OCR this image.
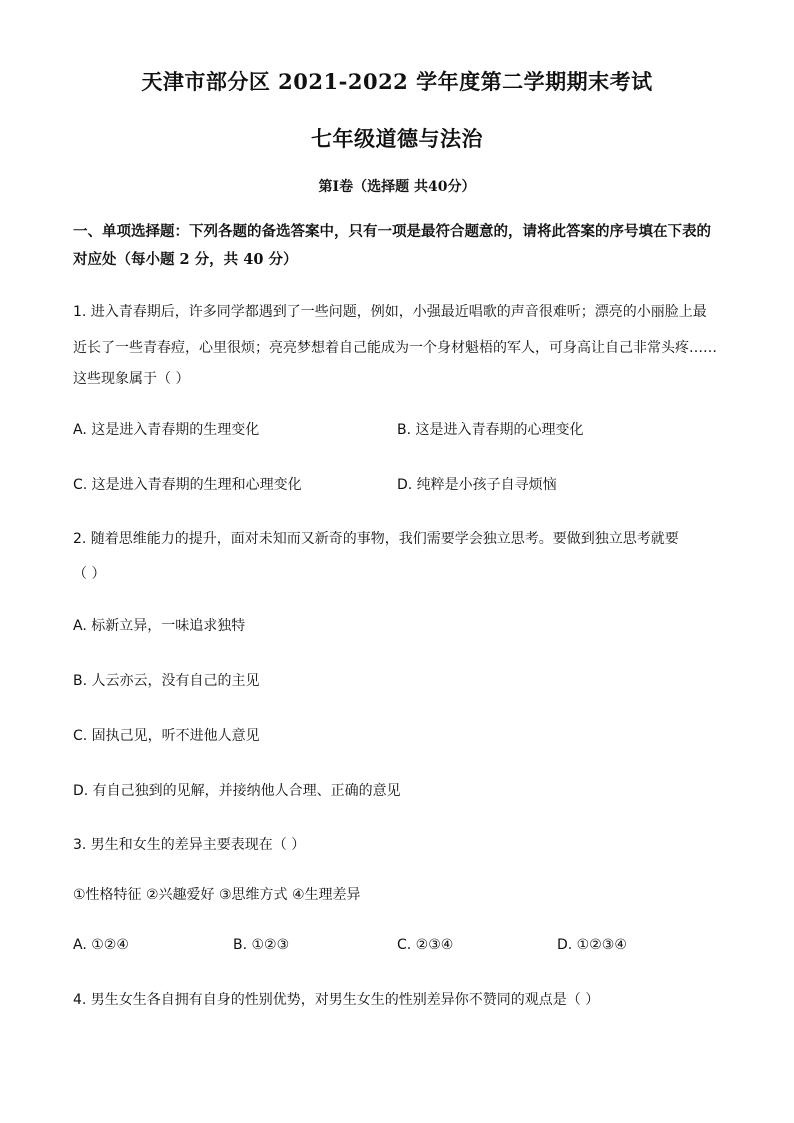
天津市部分区 2021-2022 学年度第二学期期末考试
七年级道德与法治
第Ⅰ卷（选择题 共40分）
一、单项选择题：下列各题的备选答案中，只有一项是最符合题意的，请将此答案的序号填在下表的对应处（每小题 2 分，共 40 分）
1. 进入青春期后，许多同学都遇到了一些问题，例如，小强最近唱歌的声音很难听；漂亮的小丽脸上最
近长了一些青春痘，心里很烦；亮亮梦想着自己能成为一个身材魁梧的军人，可身高让自己非常头疼……
这些现象属于（ ）
A. 这是进入青春期的生理变化	B. 这是进入青春期的心理变化
C. 这是进入青春期的生理和心理变化	D. 纯粹是小孩子自寻烦恼
2. 随着思维能力的提升，面对未知而又新奇的事物，我们需要学会独立思考。要做到独立思考就要
（ ）
A. 标新立异，一味追求独特
B. 人云亦云，没有自己的主见
C. 固执己见，听不进他人意见
D. 有自己独到的见解，并接纳他人合理、正确的意见
3. 男生和女生的差异主要表现在（ ）
①性格特征 ②兴趣爱好 ③思维方式 ④生理差异
A. ①②④	B. ①②③	C. ②③④	D. ①②③④
4. 男生女生各自拥有自身的性别优势，对男生女生的性别差异你不赞同的观点是（ ）
